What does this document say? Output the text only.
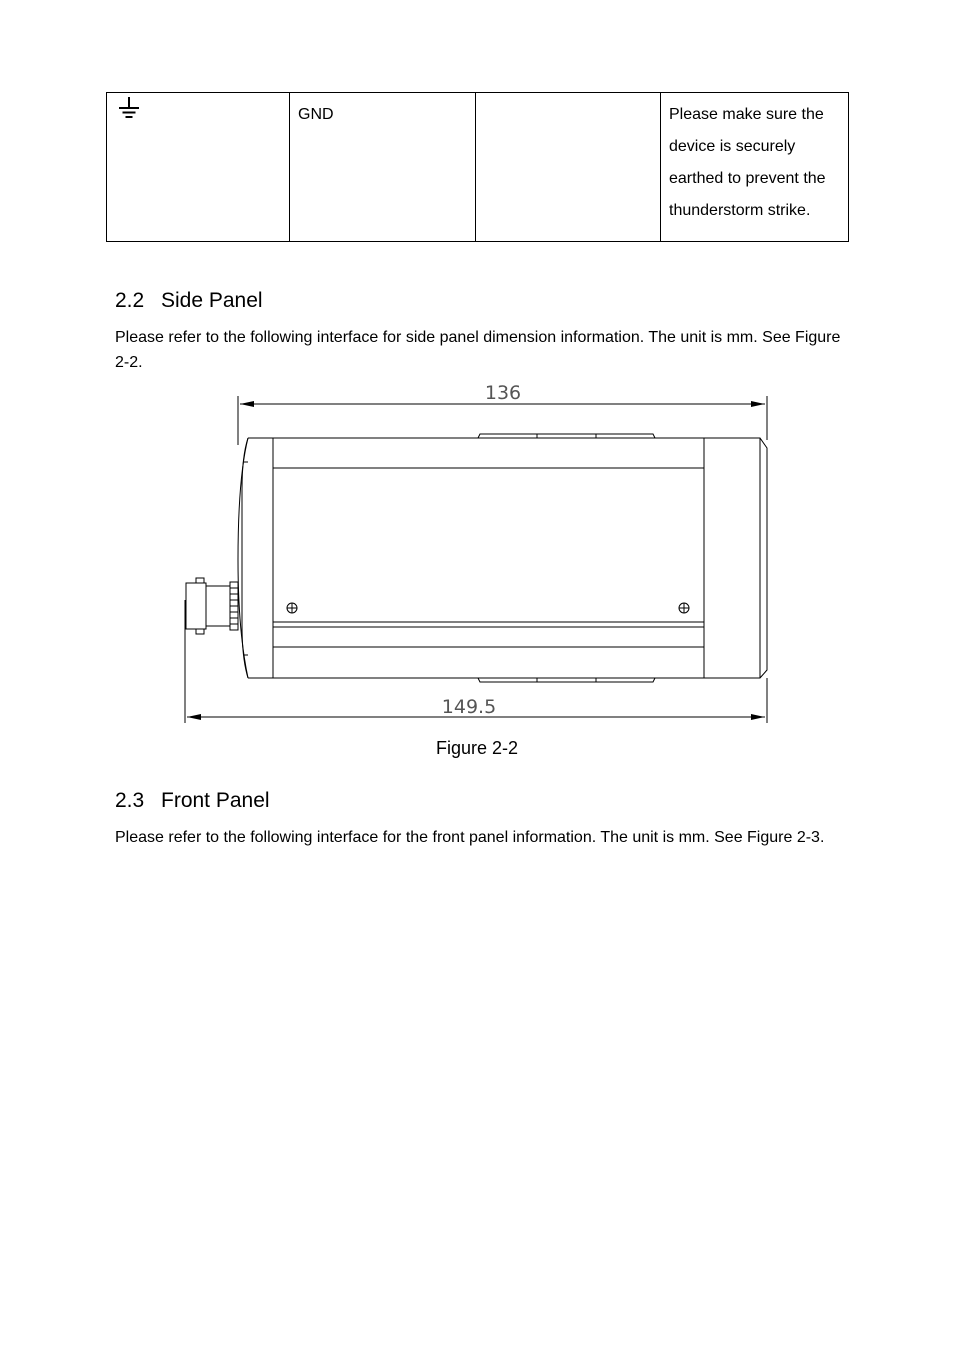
	GND		Please make sure the device is securely earthed to prevent the thunderstorm strike.
2.2 Side Panel

Please refer to the following interface for side panel dimension information. The unit is mm. See Figure 2-2.

136
149.5

Figure 2-2

2.3 Front Panel

Please refer to the following interface for the front panel information. The unit is mm. See Figure 2-3.
